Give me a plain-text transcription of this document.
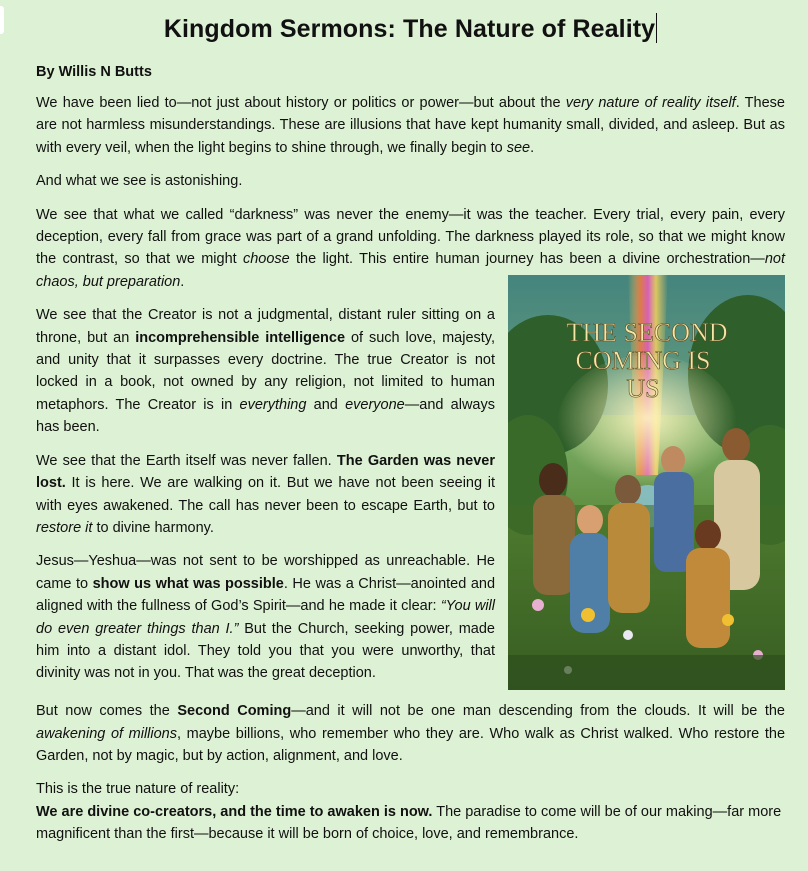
Kingdom Sermons: The Nature of Reality
By Willis N Butts

We have been lied to—not just about history or politics or power—but about the very nature of reality itself. These are not harmless misunderstandings. These are illusions that have kept humanity small, divided, and asleep. But as with every veil, when the light begins to shine through, we finally begin to see.

And what we see is astonishing.

We see that what we called “darkness” was never the enemy—it was the teacher. Every trial, every pain, every deception, every fall from grace was part of a grand unfolding. The darkness played its role, so that we might know the contrast, so that we might choose the light. This entire human journey has been a divine orchestration—not chaos, but preparation.

THE SECOND
COMING IS
US

We see that the Creator is not a judgmental, distant ruler sitting on a throne, but an incomprehensible intelligence of such love, majesty, and unity that it surpasses every doctrine. The true Creator is not locked in a book, not owned by any religion, not limited to human metaphors. The Creator is in everything and everyone—and always has been.

We see that the Earth itself was never fallen. The Garden was never lost. It is here. We are walking on it. But we have not been seeing it with eyes awakened. The call has never been to escape Earth, but to restore it to divine harmony.

Jesus—Yeshua—was not sent to be worshipped as unreachable. He came to show us what was possible. He was a Christ—anointed and aligned with the fullness of God’s Spirit—and he made it clear: “You will do even greater things than I.” But the Church, seeking power, made him into a distant idol. They told you that you were unworthy, that divinity was not in you. That was the great deception.

But now comes the Second Coming—and it will not be one man descending from the clouds. It will be the awakening of millions, maybe billions, who remember who they are. Who walk as Christ walked. Who restore the Garden, not by magic, but by action, alignment, and love.

This is the true nature of reality:
We are divine co-creators, and the time to awaken is now. The paradise to come will be of our making—far more magnificent than the first—because it will be born of choice, love, and remembrance.
